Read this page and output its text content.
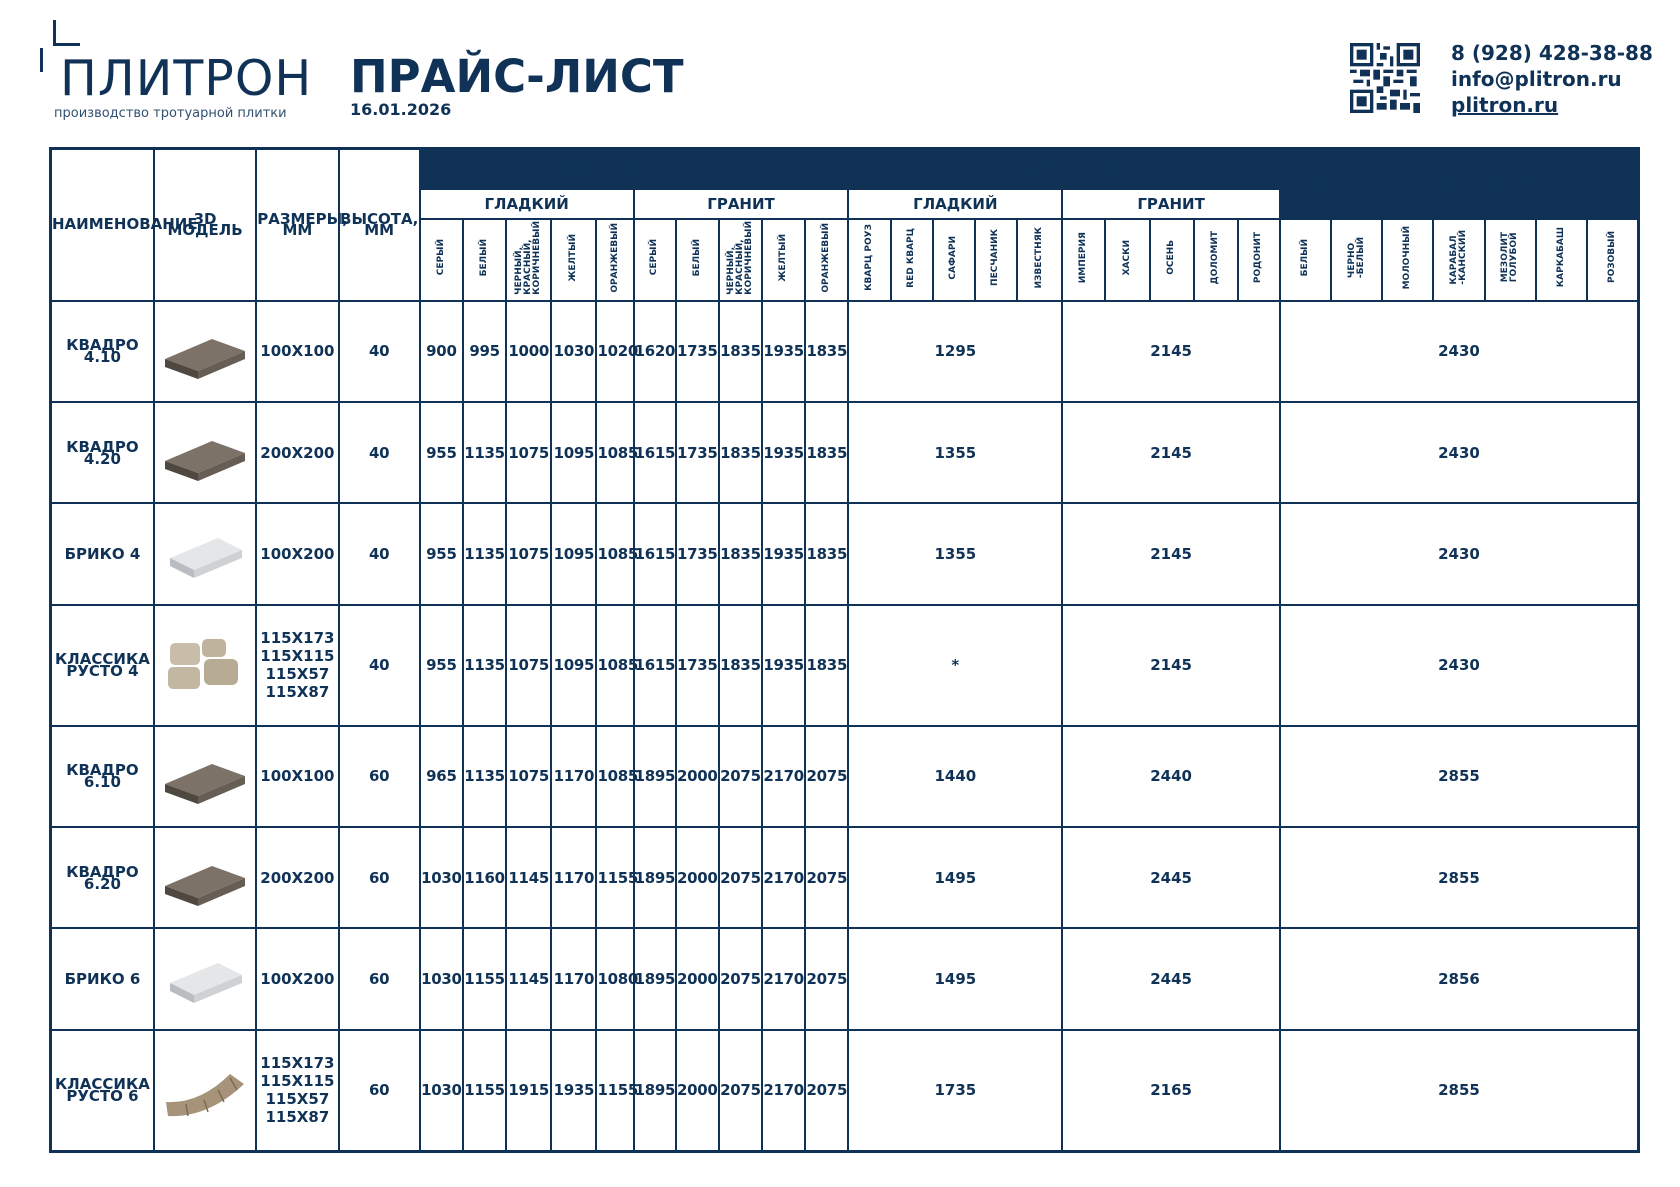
ПЛИТРОН
производство тротуарной плитки
ПРАЙС-ЛИСТ
16.01.2026
8 (928) 428-38-88
info@plitron.ru
plitron.ru
НАИМЕНОВАНИЕ	3D МОДЕЛЬ	РАЗМЕРЫ, ММ	ВЫСОТА, ММ	МОНОЦВЕТА										КОЛОРМИКС										КОЛЛЕКЦИЯ «GRANMIX»						
				ГЛАДКИЙ					ГРАНИТ					ГЛАДКИЙ					ГРАНИТ											
				СЕРЫЙ	БЕЛЫЙ	ЧЕРНЫЙ,
КРАСНЫЙ,
КОРИЧНЕВЫЙ	ЖЕЛТЫЙ	ОРАНЖЕВЫЙ	СЕРЫЙ	БЕЛЫЙ	ЧЕРНЫЙ,
КРАСНЫЙ,
КОРИЧНЕВЫЙ	ЖЕЛТЫЙ	ОРАНЖЕВЫЙ	КВАРЦ РОУЗ	RED КВАРЦ	САФАРИ	ПЕСЧАНИК	ИЗВЕСТНЯК	ИМПЕРИЯ	ХАСКИ	ОСЕНЬ	ДОЛОМИТ	РОДОНИТ	БЕЛЫЙ	ЧЕРНО
-БЕЛЫЙ	МОЛОЧНЫЙ	КАРАБАЛ
-КАНСКИЙ	МЕЗОЛИТ
ГОЛУБОЙ	КАРКАБАШ	РОЗОВЫЙ
КВАДРО 4.10		100X100	40	900	995	1000	1030	1020	1620	1735	1835	1935	1835	1295					2145					2430						
КВАДРО 4.20		200X200	40	955	1135	1075	1095	1085	1615	1735	1835	1935	1835	1355					2145					2430						
БРИКО 4		100X200	40	955	1135	1075	1095	1085	1615	1735	1835	1935	1835	1355					2145					2430						
КЛАССИКА
РУСТО 4		115X173
115X115
115X57
115X87	40	955	1135	1075	1095	1085	1615	1735	1835	1935	1835	*					2145					2430						
КВАДРО 6.10		100X100	60	965	1135	1075	1170	1085	1895	2000	2075	2170	2075	1440					2440					2855						
КВАДРО 6.20		200X200	60	1030	1160	1145	1170	1155	1895	2000	2075	2170	2075	1495					2445					2855						
БРИКО 6		100X200	60	1030	1155	1145	1170	1080	1895	2000	2075	2170	2075	1495					2445					2856						
КЛАССИКА
РУСТО 6		115X173
115X115
115X57
115X87	60	1030	1155	1915	1935	1155	1895	2000	2075	2170	2075	1735					2165					2855						
